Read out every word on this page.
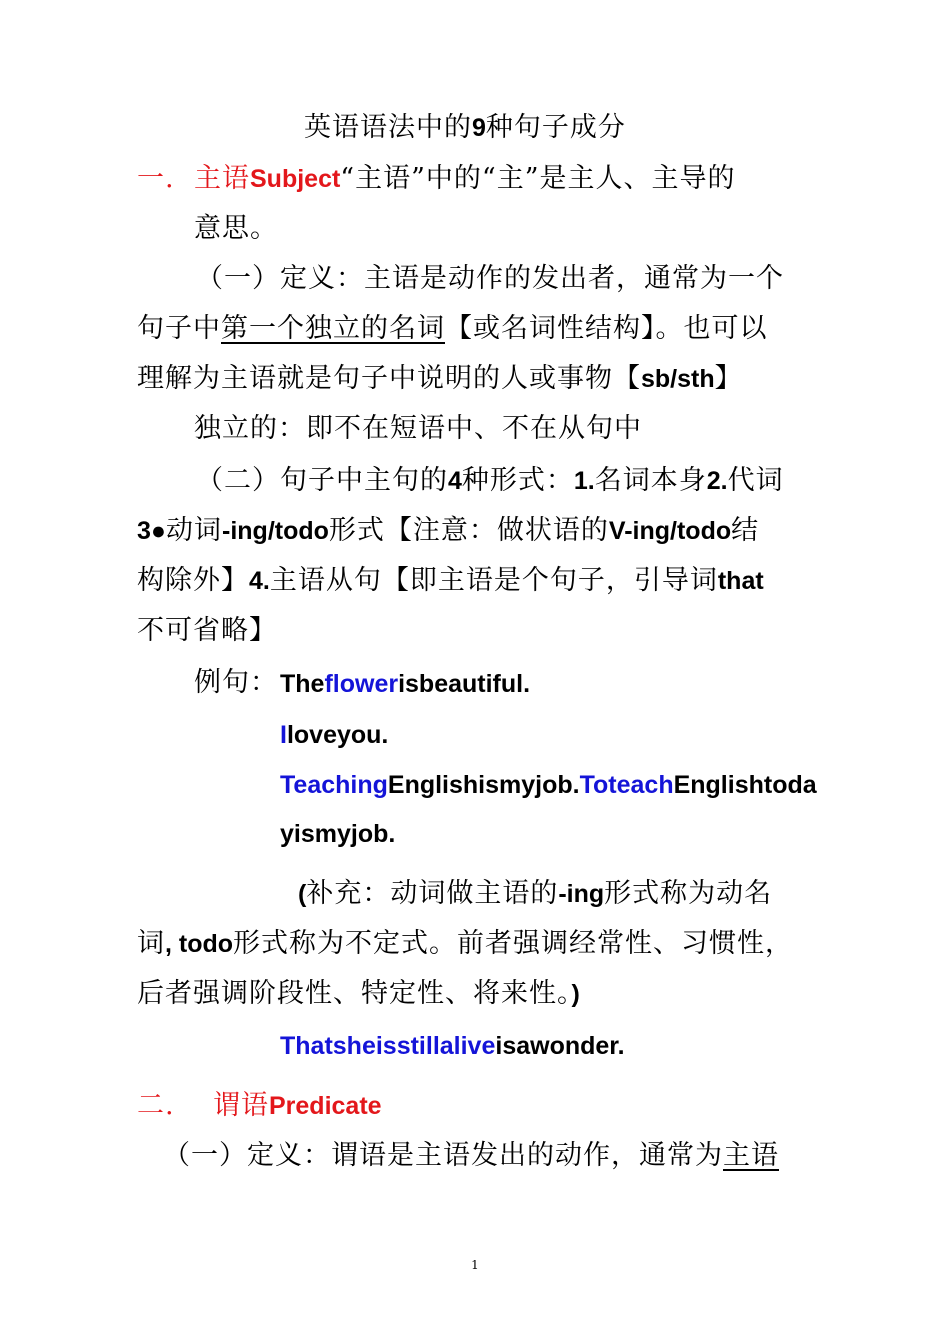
英语语法中的9种句子成分
一. 主语Subject“主语”中的“主”是主人、主导的
意思。
（一）定义：主语是动作的发出者，通常为一个
句子中第一个独立的名词【或名词性结构】。也可以
理解为主语就是句子中说明的人或事物【sb/sth】
独立的：即不在短语中、不在从句中
（二）句子中主句的4种形式：1.名词本身2.代词
3●动词-ing/todo形式【注意：做状语的V-ing/todo结
构除外】4.主语从句【即主语是个句子，引导词that
不可省略】
例句： Theflowerisbeautiful.
Iloveyou.
TeachingEnglishismyjob.ToteachEnglishtoda
yismyjob.
(补充：动词做主语的-ing形式称为动名
词, todo形式称为不定式。前者强调经常性、习惯性，
后者强调阶段性、特定性、将来性。)
Thatsheisstillaliveisawonder.
二. 谓语Predicate
（一）定义：谓语是主语发出的动作，通常为主语
1
